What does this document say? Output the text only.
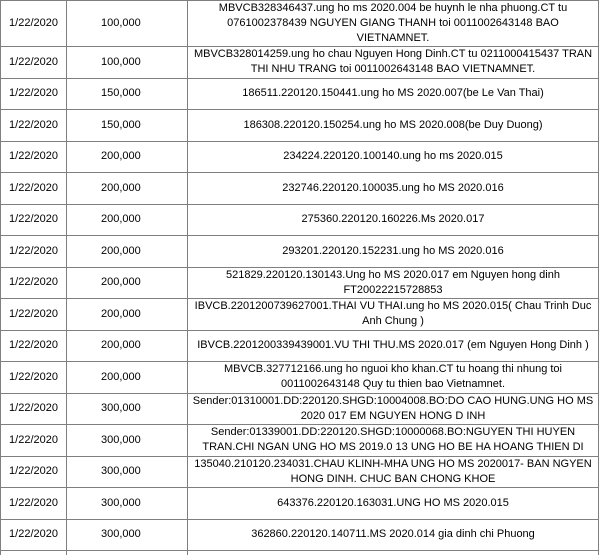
1/22/2020	100,000	MBVCB328346437.ung ho ms 2020.004 be huynh le nha phuong.CT tu 0761002378439 NGUYEN GIANG THANH toi 0011002643148 BAO VIETNAMNET.
1/22/2020	100,000	MBVCB328014259.ung ho chau Nguyen Hong Dinh.CT tu 0211000415437 TRAN THI NHU TRANG toi 0011002643148 BAO VIETNAMNET.
1/22/2020	150,000	186511.220120.150441.ung ho MS 2020.007(be Le Van Thai)
1/22/2020	150,000	186308.220120.150254.ung ho MS 2020.008(be Duy Duong)
1/22/2020	200,000	234224.220120.100140.ung ho ms 2020.015
1/22/2020	200,000	232746.220120.100035.ung ho MS 2020.016
1/22/2020	200,000	275360.220120.160226.Ms 2020.017
1/22/2020	200,000	293201.220120.152231.ung ho MS 2020.016
1/22/2020	200,000	521829.220120.130143.Ung ho MS 2020.017 em Nguyen hong dinh FT20022215728853
1/22/2020	200,000	IBVCB.2201200739627001.THAI VU THAI.ung ho MS 2020.015( Chau Trinh Duc Anh Chung )
1/22/2020	200,000	IBVCB.2201200339439001.VU THI THU.MS 2020.017 (em Nguyen Hong Dinh )
1/22/2020	200,000	MBVCB.327712166.ung ho nguoi kho khan.CT tu hoang thi nhung toi 0011002643148 Quy tu thien bao Vietnamnet.
1/22/2020	300,000	Sender:01310001.DD:220120.SHGD:10004008.BO:DO CAO HUNG.UNG HO MS 2020 017 EM NGUYEN HONG D INH
1/22/2020	300,000	Sender:01339001.DD:220120.SHGD:10000068.BO:NGUYEN THI HUYEN TRAN.CHI NGAN UNG HO MS 2019.0 13 UNG HO BE HA HOANG THIEN DI
1/22/2020	300,000	135040.210120.234031.CHAU KLINH-MHA UNG HO MS 2020017- BAN NGYEN HONG DINH. CHUC BAN CHONG KHOE
1/22/2020	300,000	643376.220120.163031.UNG HO MS 2020.015
1/22/2020	300,000	362860.220120.140711.MS 2020.014 gia dinh chi Phuong
